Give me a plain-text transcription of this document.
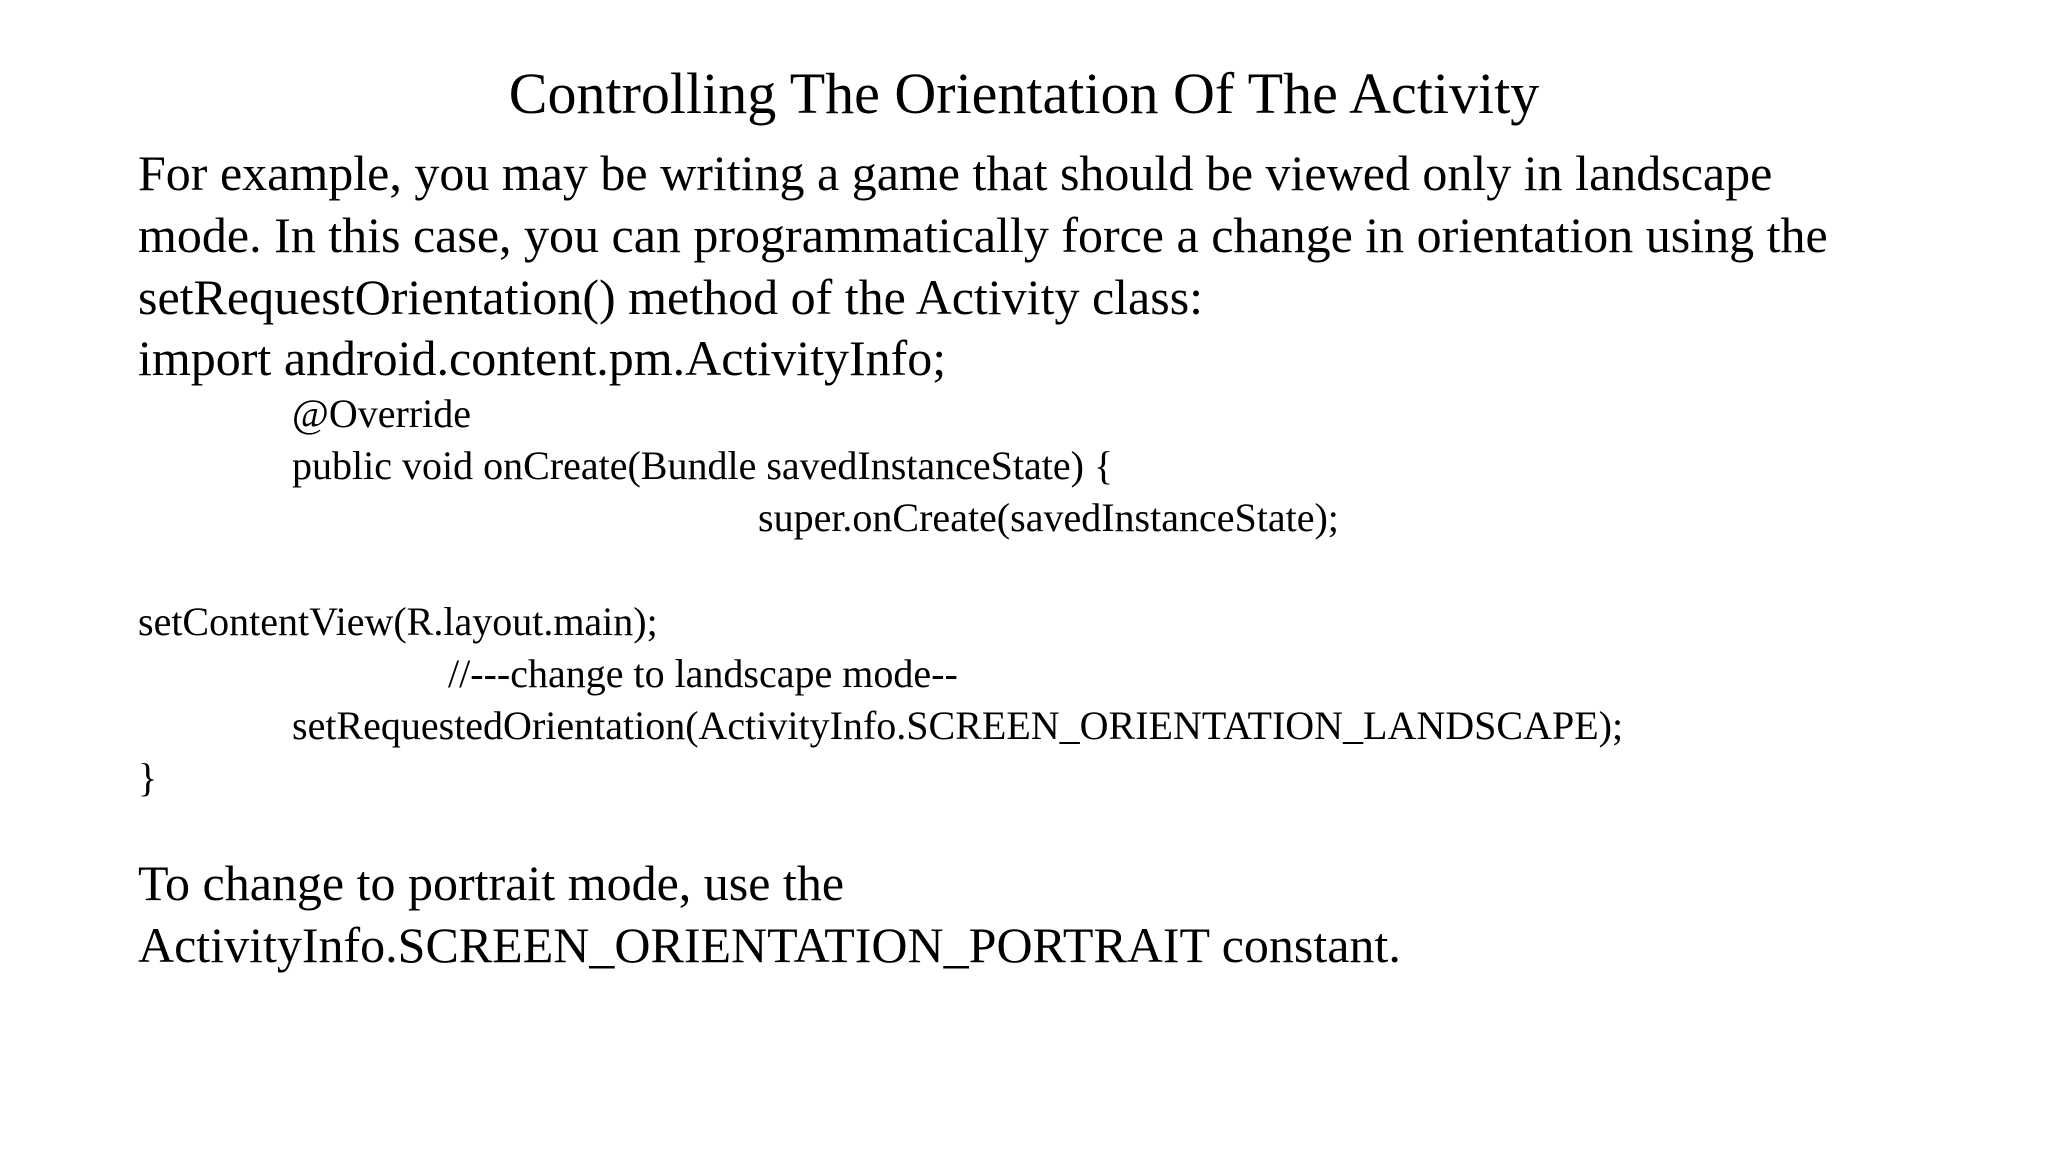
Controlling The Orientation Of The Activity
For example, you may be writing a game that should be viewed only in landscape
mode. In this case, you can programmatically force a change in orientation using the
setRequestOrientation() method of the Activity class:
import android.content.pm.ActivityInfo;
@Override
public void onCreate(Bundle savedInstanceState) {
super.onCreate(savedInstanceState);
setContentView(R.layout.main);
//---change to landscape mode--
setRequestedOrientation(ActivityInfo.SCREEN_ORIENTATION_LANDSCAPE);
}
To change to portrait mode, use the
ActivityInfo.SCREEN_ORIENTATION_PORTRAIT constant.
